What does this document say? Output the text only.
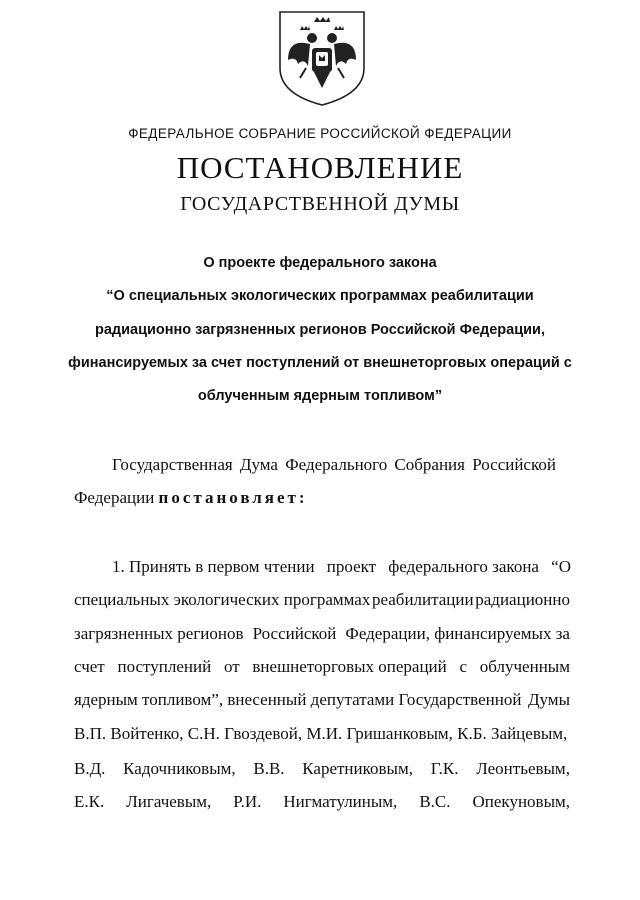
ФЕДЕРАЛЬНОЕ СОБРАНИЕ РОССИЙСКОЙ ФЕДЕРАЦИИ
ПОСТАНОВЛЕНИЕ
ГОСУДАРСТВЕННОЙ ДУМЫ
О проекте федерального закона
“О специальных экологических программах реабилитации
радиационно загрязненных регионов Российской Федерации,
финансируемых за счет поступлений от внешнеторговых операций с
облученным ядерным топливом”
Государственная Дума Федерального Собрания Российской
Федерации постановляет:
1. Принять в первом чтении проект федерального закона “О
специальных экологических программах реабилитации радиационно
загрязненных регионов Российской Федерации, финансируемых за
счет поступлений от внешнеторговых операций с облученным
ядерным топливом”, внесенный депутатами Государственной Думы
В.П. Войтенко, С.Н. Гвоздевой, М.И. Гришанковым, К.Б. Зайцевым,
В.Д. Кадочниковым, В.В. Каретниковым, Г.К. Леонтьевым,
Е.К. Лигачевым, Р.И. Нигматулиным, В.С. Опекуновым,
